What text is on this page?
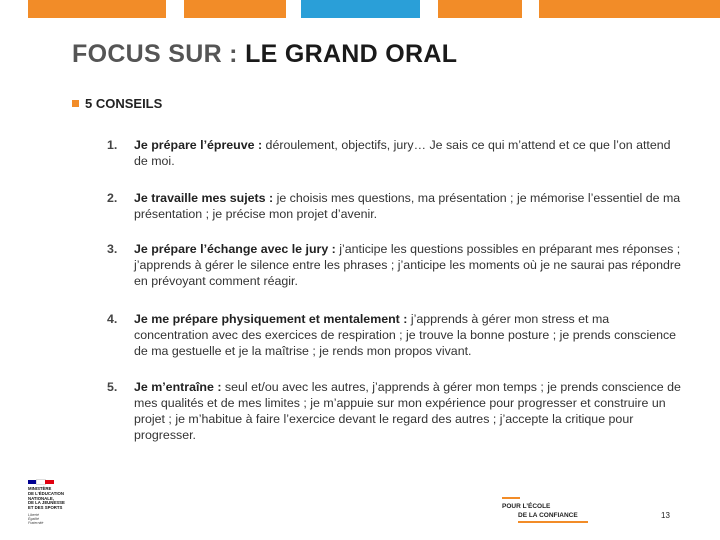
FOCUS SUR : LE GRAND ORAL
5 CONSEILS
1. Je prépare l’épreuve : déroulement, objectifs, jury… Je sais ce qui m’attend et ce que l’on attend de moi.
2. Je travaille mes sujets : je choisis mes questions, ma présentation ; je mémorise l’essentiel de ma présentation ; je précise mon projet d’avenir.
3. Je prépare l’échange avec le jury : j’anticipe les questions possibles en préparant mes réponses ; j’apprends à gérer le silence entre les phrases ; j’anticipe les moments où je ne saurai pas répondre en prévoyant comment réagir.
4. Je me prépare physiquement et mentalement : j’apprends à gérer mon stress et ma concentration avec des exercices de respiration ; je trouve la bonne posture ; je prends conscience de ma gestuelle et je la maîtrise ; je rends mon propos vivant.
5. Je m’entraîne : seul et/ou avec les autres, j’apprends à gérer mon temps ; je prends conscience de mes qualités et de mes limites ; je m’appuie sur mon expérience pour progresser et construire un projet ; je m’habitue à faire l’exercice devant le regard des autres ; j’accepte la critique pour progresser.
MINISTÈRE
DE L’ÉDUCATION
NATIONALE,
DE LA JEUNESSE
ET DES SPORTS
Liberté
Égalité
Fraternité
POUR L’ÉCOLE
DE LA CONFIANCE	13
